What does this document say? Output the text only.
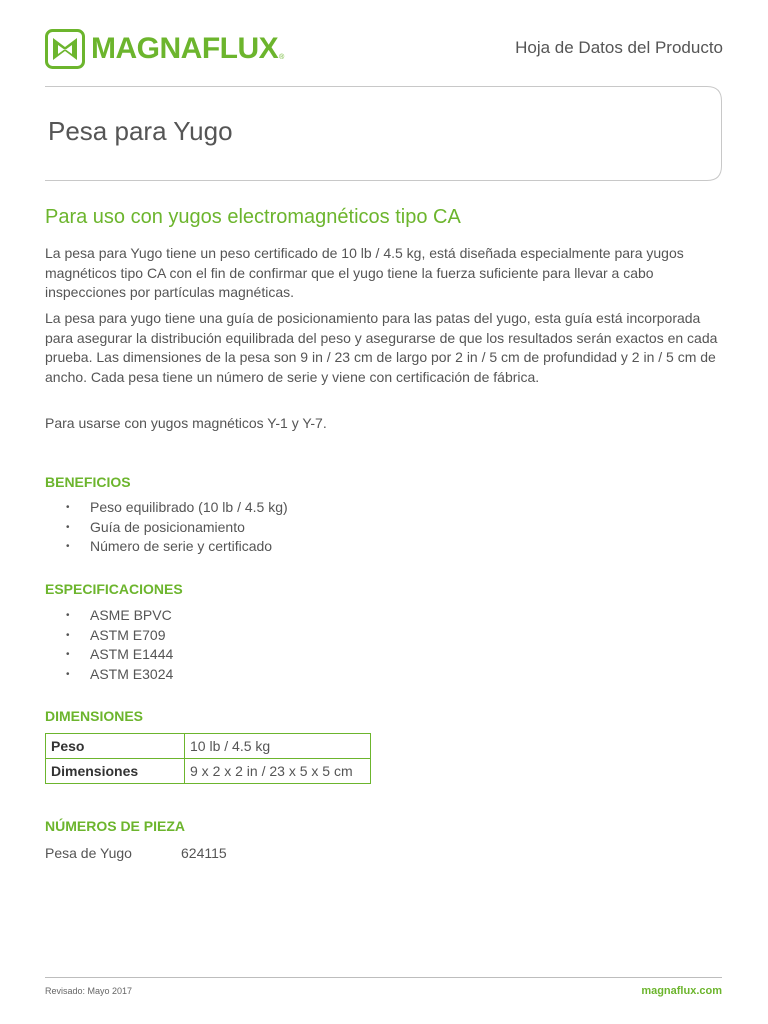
MAGNAFLUX ®	Hoja de Datos del Producto
Pesa para Yugo
Para uso con yugos electromagnéticos tipo CA

La pesa para Yugo tiene un peso certificado de 10 lb / 4.5 kg, está diseñada especialmente para yugos magnéticos tipo CA con el fin de confirmar que el yugo tiene la fuerza suficiente para llevar a cabo inspecciones por partículas magnéticas.

La pesa para yugo tiene una guía de posicionamiento para las patas del yugo, esta guía está incorporada para asegurar la distribución equilibrada del peso y asegurarse de que los resultados serán exactos en cada prueba. Las dimensiones de la pesa son 9 in / 23 cm de largo por 2 in / 5 cm de profundidad y 2 in / 5 cm de ancho. Cada pesa tiene un número de serie y viene con certificación de fábrica.

Para usarse con yugos magnéticos Y-1 y Y-7.

BENEFICIOS
• Peso equilibrado (10 lb / 4.5 kg)
• Guía de posicionamiento
• Número de serie y certificado
ESPECIFICACIONES
• ASME BPVC
• ASTM E709
• ASTM E1444
• ASTM E3024
DIMENSIONES
Peso	10 lb / 4.5 kg
Dimensiones	9 x 2 x 2 in / 23 x 5 x 5 cm
NÚMEROS DE PIEZA
Pesa de Yugo	624115
Revisado: Mayo 2017	magnaflux.com
